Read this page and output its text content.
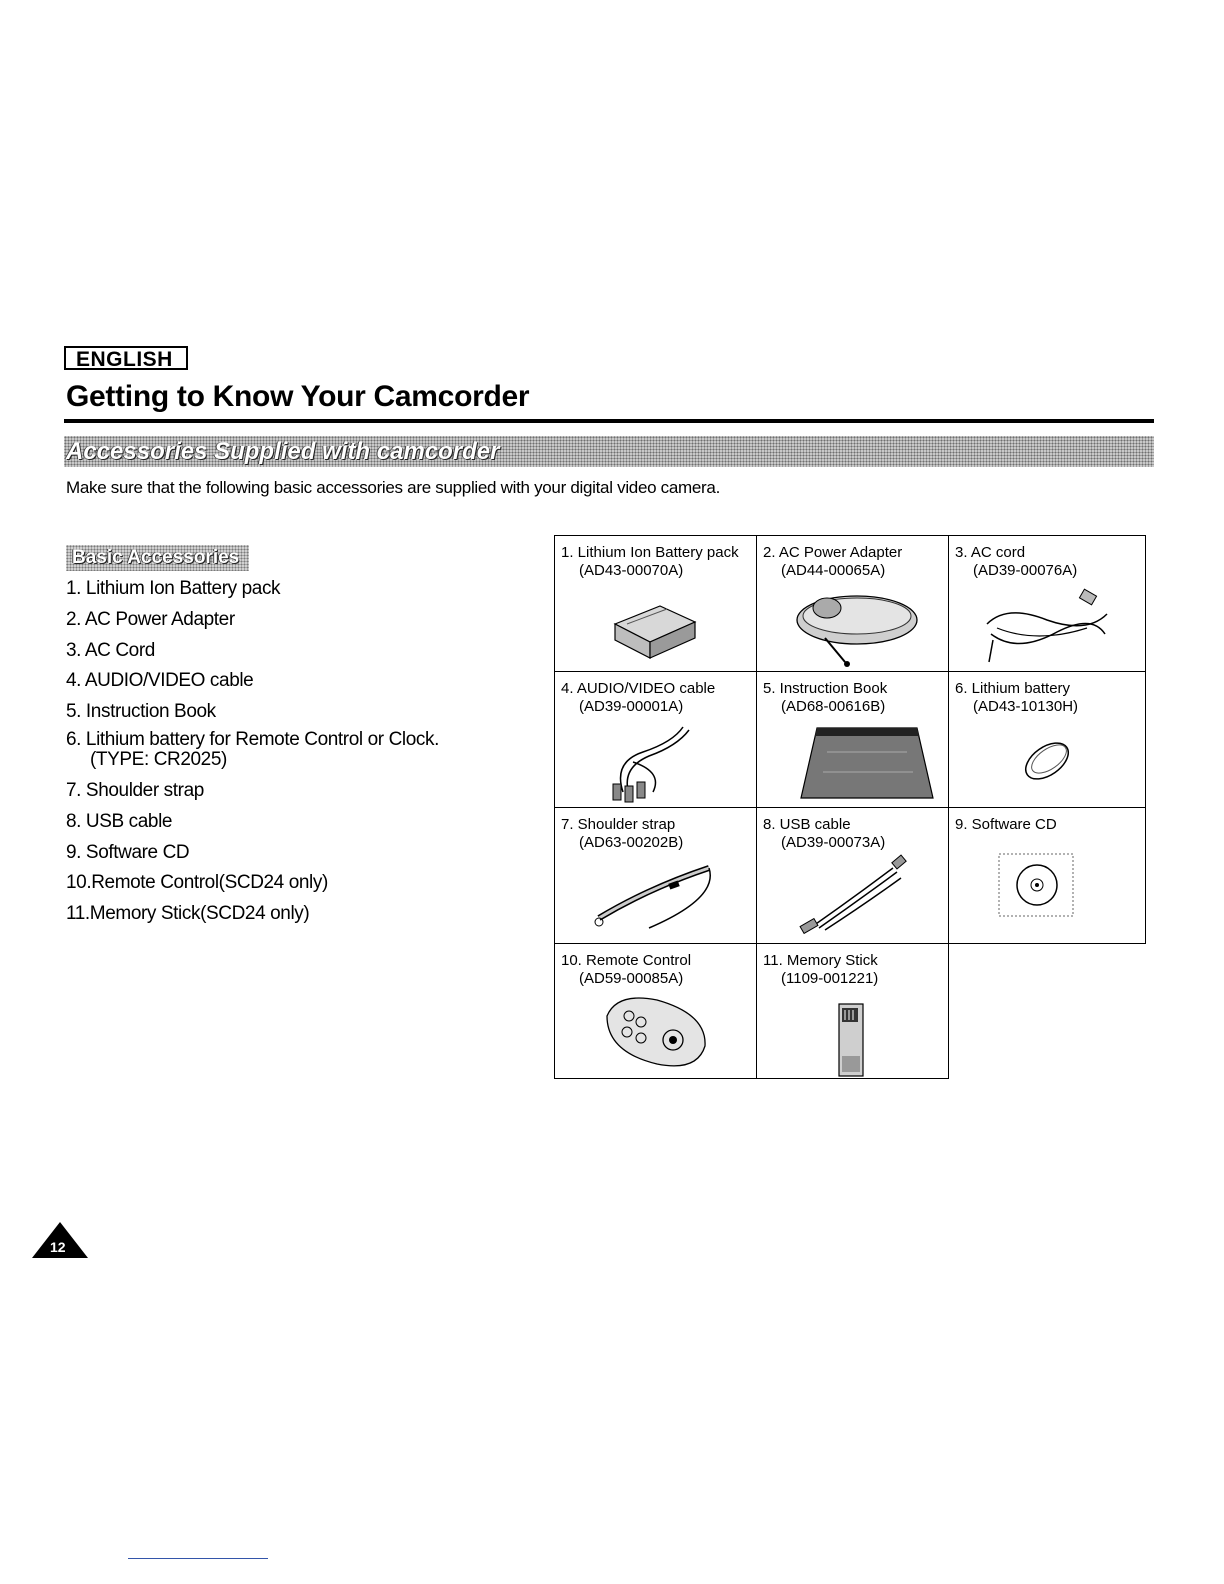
ENGLISH
Getting to Know Your Camcorder
Accessories Supplied with camcorder
Make sure that the following basic accessories are supplied with your digital video camera.
Basic Accessories
1. Lithium Ion Battery pack
2. AC Power Adapter
3. AC Cord
4. AUDIO/VIDEO cable
5. Instruction Book
6. Lithium battery for Remote Control or Clock.
(TYPE: CR2025)
7. Shoulder strap
8. USB cable
9. Software CD
10.Remote Control(SCD24 only)
11.Memory Stick(SCD24 only)
1. Lithium Ion Battery pack
(AD43-00070A)
2. AC Power Adapter
(AD44-00065A)
3. AC cord
(AD39-00076A)
4. AUDIO/VIDEO cable
(AD39-00001A)
5. Instruction Book
(AD68-00616B)
6. Lithium battery
(AD43-10130H)
7. Shoulder strap
(AD63-00202B)
8. USB cable
(AD39-00073A)
9. Software CD
10. Remote Control
(AD59-00085A)
11. Memory Stick
(1109-001221)
12
